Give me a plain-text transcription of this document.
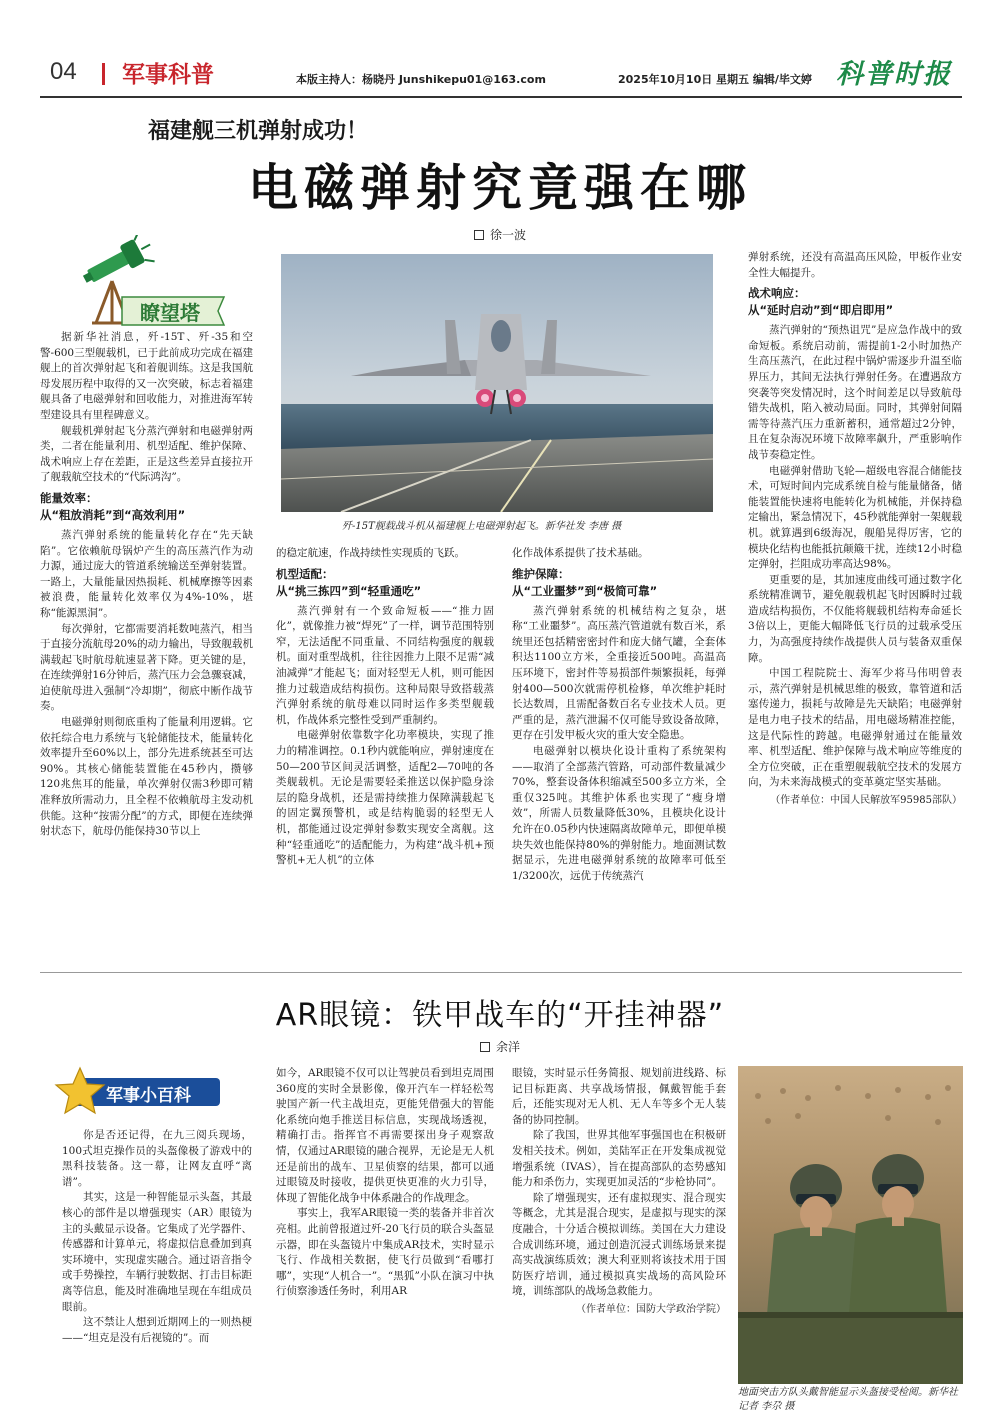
04 军事科普	本版主持人：杨晓丹 Junshikepu01@163.com	2025年10月10日 星期五 编辑/毕文婷 科普时报
福建舰三机弹射成功！
电磁弹射究竟强在哪
徐一波
瞭望塔
歼-15T舰载战斗机从福建舰上电磁弹射起飞。新华社发 李唐 摄

据新华社消息，歼-15T、歼-35和空警-600三型舰载机，已于此前成功完成在福建舰上的首次弹射起飞和着舰训练。这是我国航母发展历程中取得的又一次突破，标志着福建舰具备了电磁弹射和回收能力，对推进海军转型建设具有里程碑意义。

舰载机弹射起飞分蒸汽弹射和电磁弹射两类，二者在能量利用、机型适配、维护保障、战术响应上存在差距，正是这些差异直接拉开了舰载航空技术的“代际鸿沟”。

能量效率：
从“粗放消耗”到“高效利用”

蒸汽弹射系统的能量转化存在“先天缺陷”。它依赖航母锅炉产生的高压蒸汽作为动力源，通过庞大的管道系统输送至弹射装置。一路上，大量能量因热损耗、机械摩擦等因素被浪费，能量转化效率仅为4%-10%，堪称“能源黑洞”。

每次弹射，它都需要消耗数吨蒸汽，相当于直接分流航母20%的动力输出，导致舰载机满载起飞时航母航速显著下降。更关键的是，在连续弹射16分钟后，蒸汽压力会急骤衰减，迫使航母进入强制“冷却期”，彻底中断作战节奏。

电磁弹射则彻底重构了能量利用逻辑。它依托综合电力系统与飞轮储能技术，能量转化效率提升至60%以上，部分先进系统甚至可达90%。其核心储能装置能在45秒内，攒够120兆焦耳的能量，单次弹射仅需3秒即可精准释放所需动力，且全程不依赖航母主发动机供能。这种“按需分配”的方式，即便在连续弹射状态下，航母仍能保持30节以上

的稳定航速，作战持续性实现质的飞跃。

机型适配：
从“挑三拣四”到“轻重通吃”

蒸汽弹射有一个致命短板——“推力固化”，就像推力被“焊死”了一样，调节范围特别窄，无法适配不同重量、不同结构强度的舰载机。面对重型战机，往往因推力上限不足需“减油减弹”才能起飞；面对轻型无人机，则可能因推力过载造成结构损伤。这种局限导致搭载蒸汽弹射系统的航母难以同时运作多类型舰载机，作战体系完整性受到严重制约。

电磁弹射依靠数字化功率模块，实现了推力的精准调控。0.1秒内就能响应，弹射速度在50—200节区间灵活调整，适配2—70吨的各类舰载机。无论是需要轻柔推送以保护隐身涂层的隐身战机，还是需持续推力保障满载起飞的固定翼预警机，或是结构脆弱的轻型无人机，都能通过设定弹射参数实现安全离舰。这种“轻重通吃”的适配能力，为构建“战斗机+预警机+无人机”的立体

化作战体系提供了技术基础。

维护保障：
从“工业噩梦”到“极简可靠”

蒸汽弹射系统的机械结构之复杂，堪称“工业噩梦”。高压蒸汽管道就有数百米，系统里还包括精密密封件和庞大储气罐，全套体积达1100立方米，全重接近500吨。高温高压环境下，密封件等易损部件频繁损耗，每弹射400—500次就需停机检修，单次维护耗时长达数周，且需配备数百名专业技术人员。更严重的是，蒸汽泄漏不仅可能导致设备故障，更存在引发甲板火灾的重大安全隐患。

电磁弹射以模块化设计重构了系统架构——取消了全部蒸汽管路，可动部件数量减少70%，整套设备体积缩减至500多立方米，全重仅325吨。其维护体系也实现了“瘦身增效”，所需人员数量降低30%，且模块化设计允许在0.05秒内快速隔离故障单元，即便单模块失效也能保持80%的弹射能力。地面测试数据显示，先进电磁弹射系统的故障率可低至1/3200次，远优于传统蒸汽

弹射系统，还没有高温高压风险，甲板作业安全性大幅提升。

战术响应：
从“延时启动”到“即启即用”

蒸汽弹射的“预热诅咒”是应急作战中的致命短板。系统启动前，需提前1-2小时加热产生高压蒸汽，在此过程中锅炉需逐步升温至临界压力，其间无法执行弹射任务。在遭遇敌方突袭等突发情况时，这个时间差足以导致航母错失战机，陷入被动局面。同时，其弹射间隔需等待蒸汽压力重新蓄积，通常超过2分钟，且在复杂海况环境下故障率飙升，严重影响作战节奏稳定性。

电磁弹射借助飞轮—超级电容混合储能技术，可短时间内完成系统自检与能量储备，储能装置能快速将电能转化为机械能，并保持稳定输出，紧急情况下，45秒就能弹射一架舰载机。就算遇到6级海况，舰船晃得厉害，它的模块化结构也能抵抗颠簸干扰，连续12小时稳定弹射，拦阻成功率高达98%。

更重要的是，其加速度曲线可通过数字化系统精准调节，避免舰载机起飞时因瞬时过载造成结构损伤，不仅能将舰载机结构寿命延长3倍以上，更能大幅降低飞行员的过载承受压力，为高强度持续作战提供人员与装备双重保障。

中国工程院院士、海军少将马伟明曾表示，蒸汽弹射是机械思维的极致，靠管道和活塞传递力，损耗与故障是先天缺陷；电磁弹射是电力电子技术的结晶，用电磁场精准控能，这是代际性的跨越。电磁弹射通过在能量效率、机型适配、维护保障与战术响应等维度的全方位突破，正在重塑舰载航空技术的发展方向，为未来海战模式的变革奠定坚实基础。

（作者单位：中国人民解放军95985部队）

AR眼镜：铁甲战车的“开挂神器”
余洋
军事小百科
地面突击方队头戴智能显示头盔接受检阅。新华社记者 李尕 摄

你是否还记得，在九三阅兵现场，100式坦克操作员的头盔像极了游戏中的黑科技装备。这一幕，让网友直呼“离谱”。

其实，这是一种智能显示头盔，其最核心的部件是以增强现实（AR）眼镜为主的头戴显示设备。它集成了光学器件、传感器和计算单元，将虚拟信息叠加到真实环境中，实现虚实融合。通过语音指令或手势操控，车辆行驶数据、打击目标距离等信息，能及时准确地呈现在车组成员眼前。

这不禁让人想到近期网上的一则热梗——“坦克是没有后视镜的”。而

如今，AR眼镜不仅可以让驾驶员看到坦克周围360度的实时全景影像，像开汽车一样轻松驾驶国产新一代主战坦克，更能凭借强大的智能化系统向炮手推送目标信息，实现战场透视，精确打击。指挥官不再需要探出身子观察敌情，仅通过AR眼镜的融合视界，无论是无人机还是前出的战车、卫星侦察的结果，都可以通过眼镜及时接收，提供更快更准的火力引导，体现了智能化战争中体系融合的作战理念。

事实上，我军AR眼镜一类的装备并非首次亮相。此前曾报道过歼-20飞行员的联合头盔显示器，即在头盔镜片中集成AR技术，实时显示飞行、作战相关数据，使飞行员做到“看哪打哪”，实现“人机合一”。“黑狐”小队在演习中执行侦察渗透任务时，利用AR

眼镜，实时显示任务简报、规划前进线路、标记目标距离、共享战场情报，佩戴智能手套后，还能实现对无人机、无人车等多个无人装备的协同控制。

除了我国，世界其他军事强国也在积极研发相关技术。例如，美陆军正在开发集成视觉增强系统（IVAS），旨在提高部队的态势感知能力和杀伤力，实现更加灵活的“步枪协同”。

除了增强现实，还有虚拟现实、混合现实等概念，尤其是混合现实，是虚拟与现实的深度融合，十分适合模拟训练。美国在大力建设合成训练环境，通过创造沉浸式训练场景来提高实战演练质效；澳大利亚则将该技术用于国防医疗培训，通过模拟真实战场的高风险环境，训练部队的战场急救能力。

（作者单位：国防大学政治学院）
